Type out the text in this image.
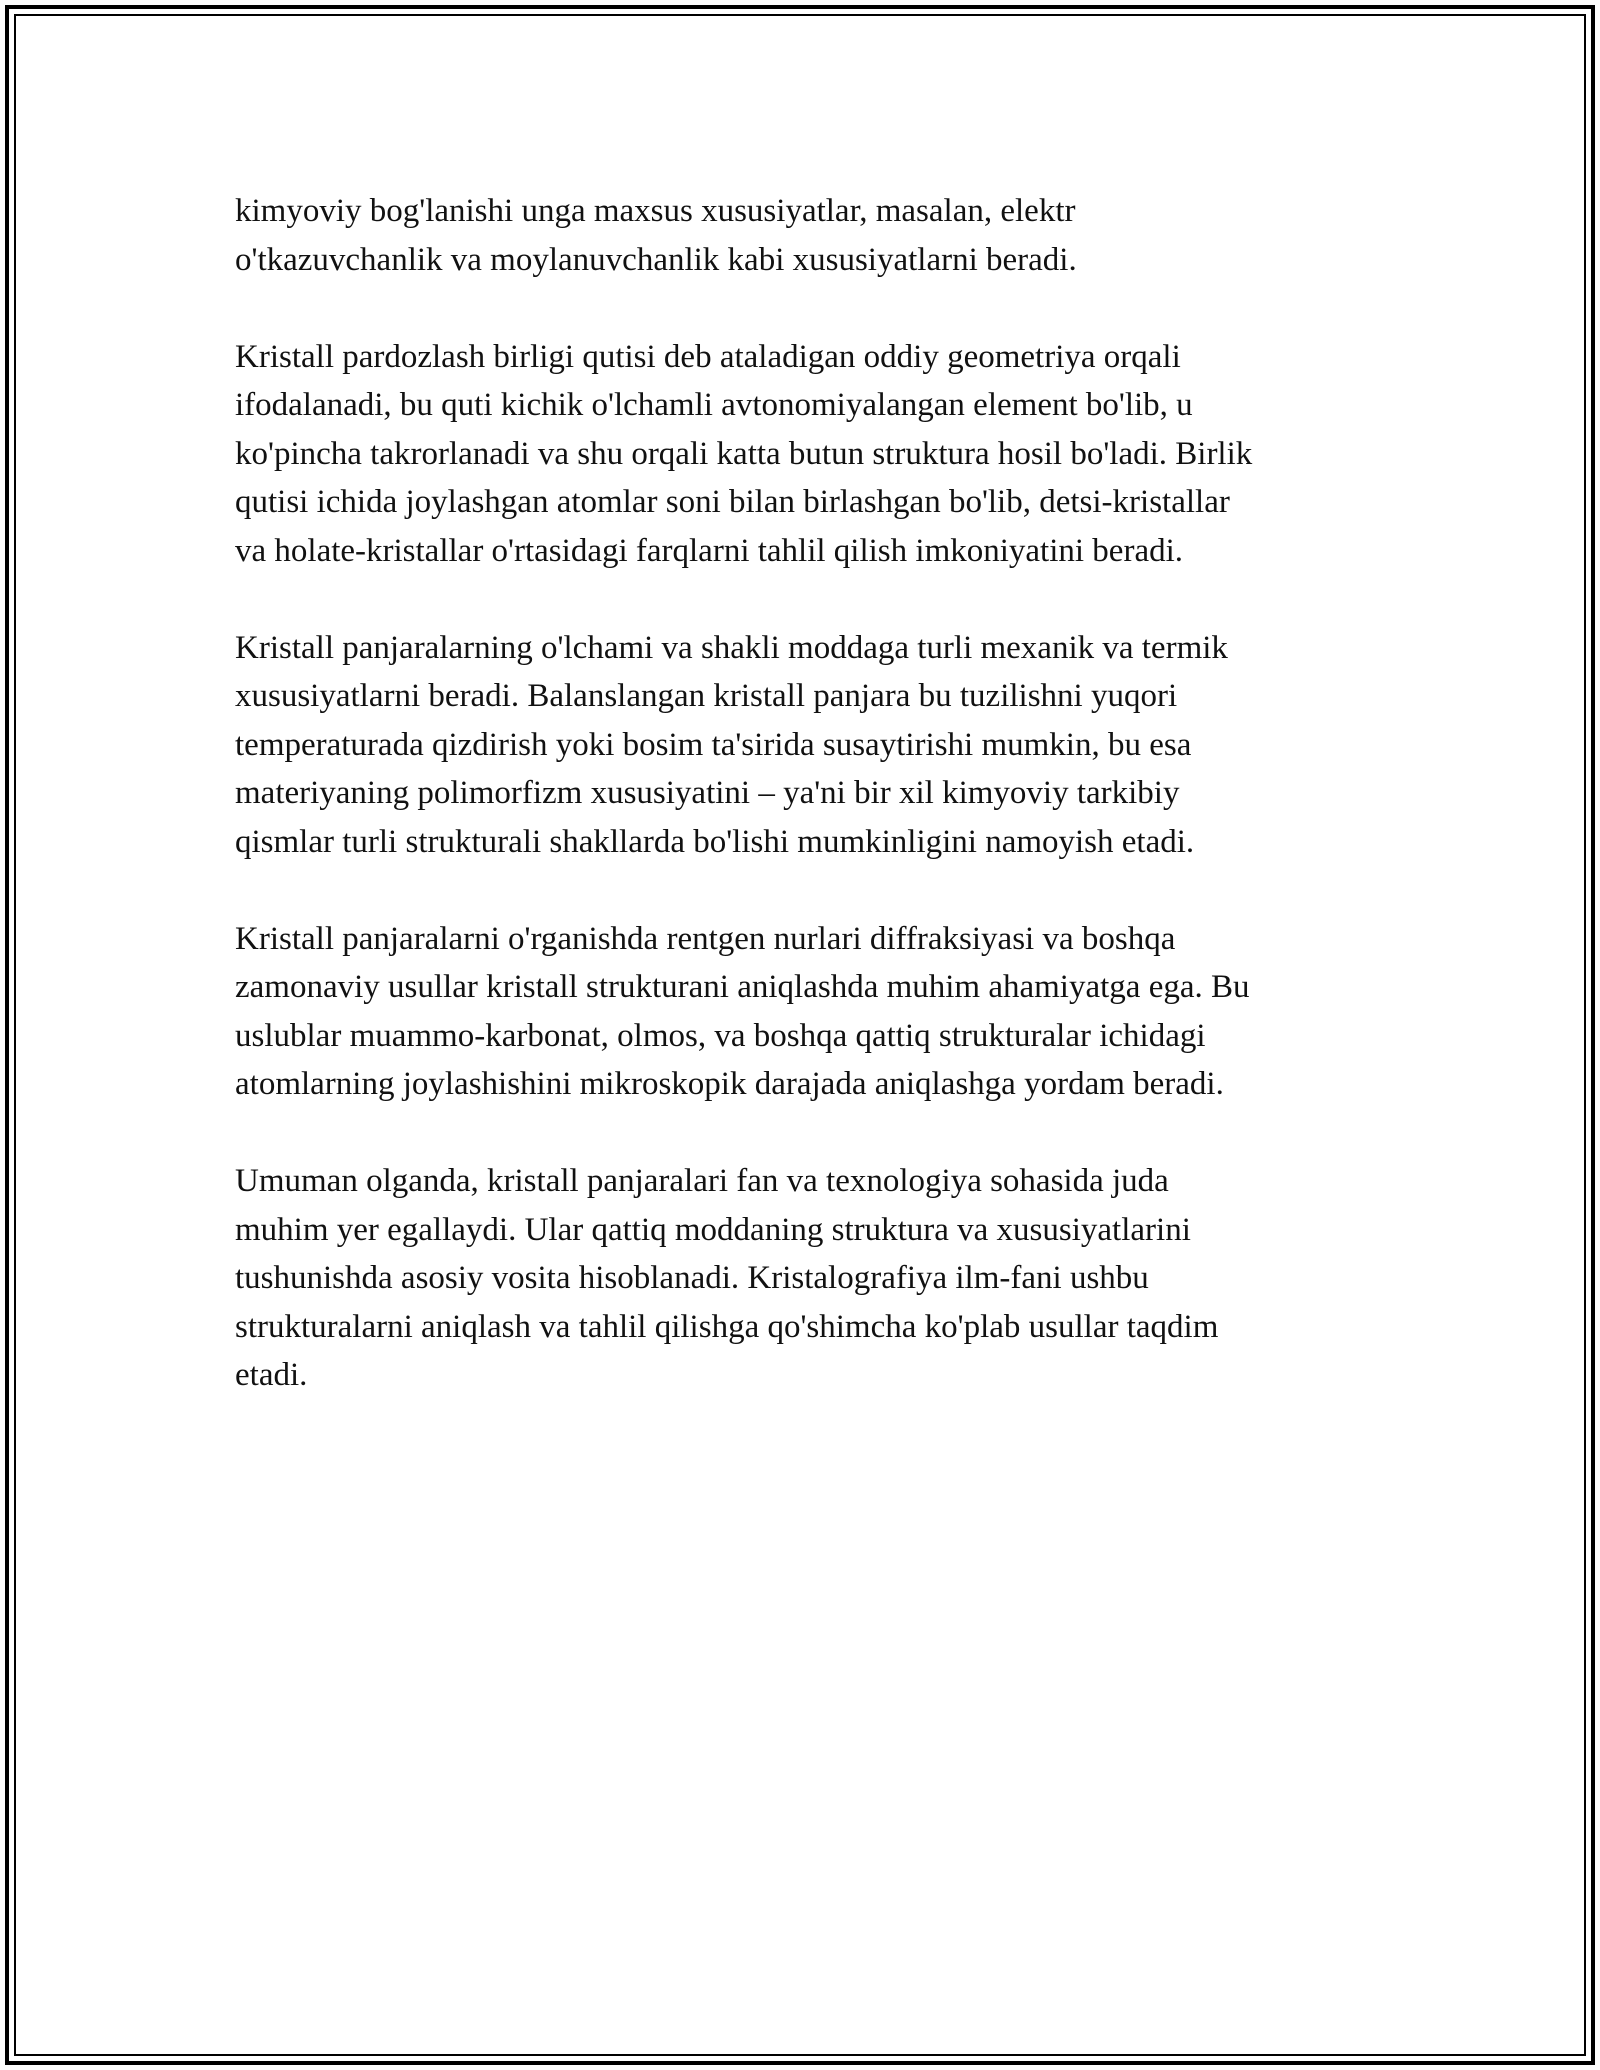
kimyoviy bog'lanishi unga maxsus xususiyatlar, masalan, elektr
o'tkazuvchanlik va moylanuvchanlik kabi xususiyatlarni beradi.

Kristall pardozlash birligi qutisi deb ataladigan oddiy geometriya orqali
ifodalanadi, bu quti kichik o'lchamli avtonomiyalangan element bo'lib, u
ko'pincha takrorlanadi va shu orqali katta butun struktura hosil bo'ladi. Birlik
qutisi ichida joylashgan atomlar soni bilan birlashgan bo'lib, detsi-kristallar
va holate-kristallar o'rtasidagi farqlarni tahlil qilish imkoniyatini beradi.

Kristall panjaralarning o'lchami va shakli moddaga turli mexanik va termik
xususiyatlarni beradi. Balanslangan kristall panjara bu tuzilishni yuqori
temperaturada qizdirish yoki bosim ta'sirida susaytirishi mumkin, bu esa
materiyaning polimorfizm xususiyatini – ya'ni bir xil kimyoviy tarkibiy
qismlar turli strukturali shakllarda bo'lishi mumkinligini namoyish etadi.

Kristall panjaralarni o'rganishda rentgen nurlari diffraksiyasi va boshqa
zamonaviy usullar kristall strukturani aniqlashda muhim ahamiyatga ega. Bu
uslublar muammo-karbonat, olmos, va boshqa qattiq strukturalar ichidagi
atomlarning joylashishini mikroskopik darajada aniqlashga yordam beradi.

Umuman olganda, kristall panjaralari fan va texnologiya sohasida juda
muhim yer egallaydi. Ular qattiq moddaning struktura va xususiyatlarini
tushunishda asosiy vosita hisoblanadi. Kristalografiya ilm-fani ushbu
strukturalarni aniqlash va tahlil qilishga qo'shimcha ko'plab usullar taqdim
etadi.
